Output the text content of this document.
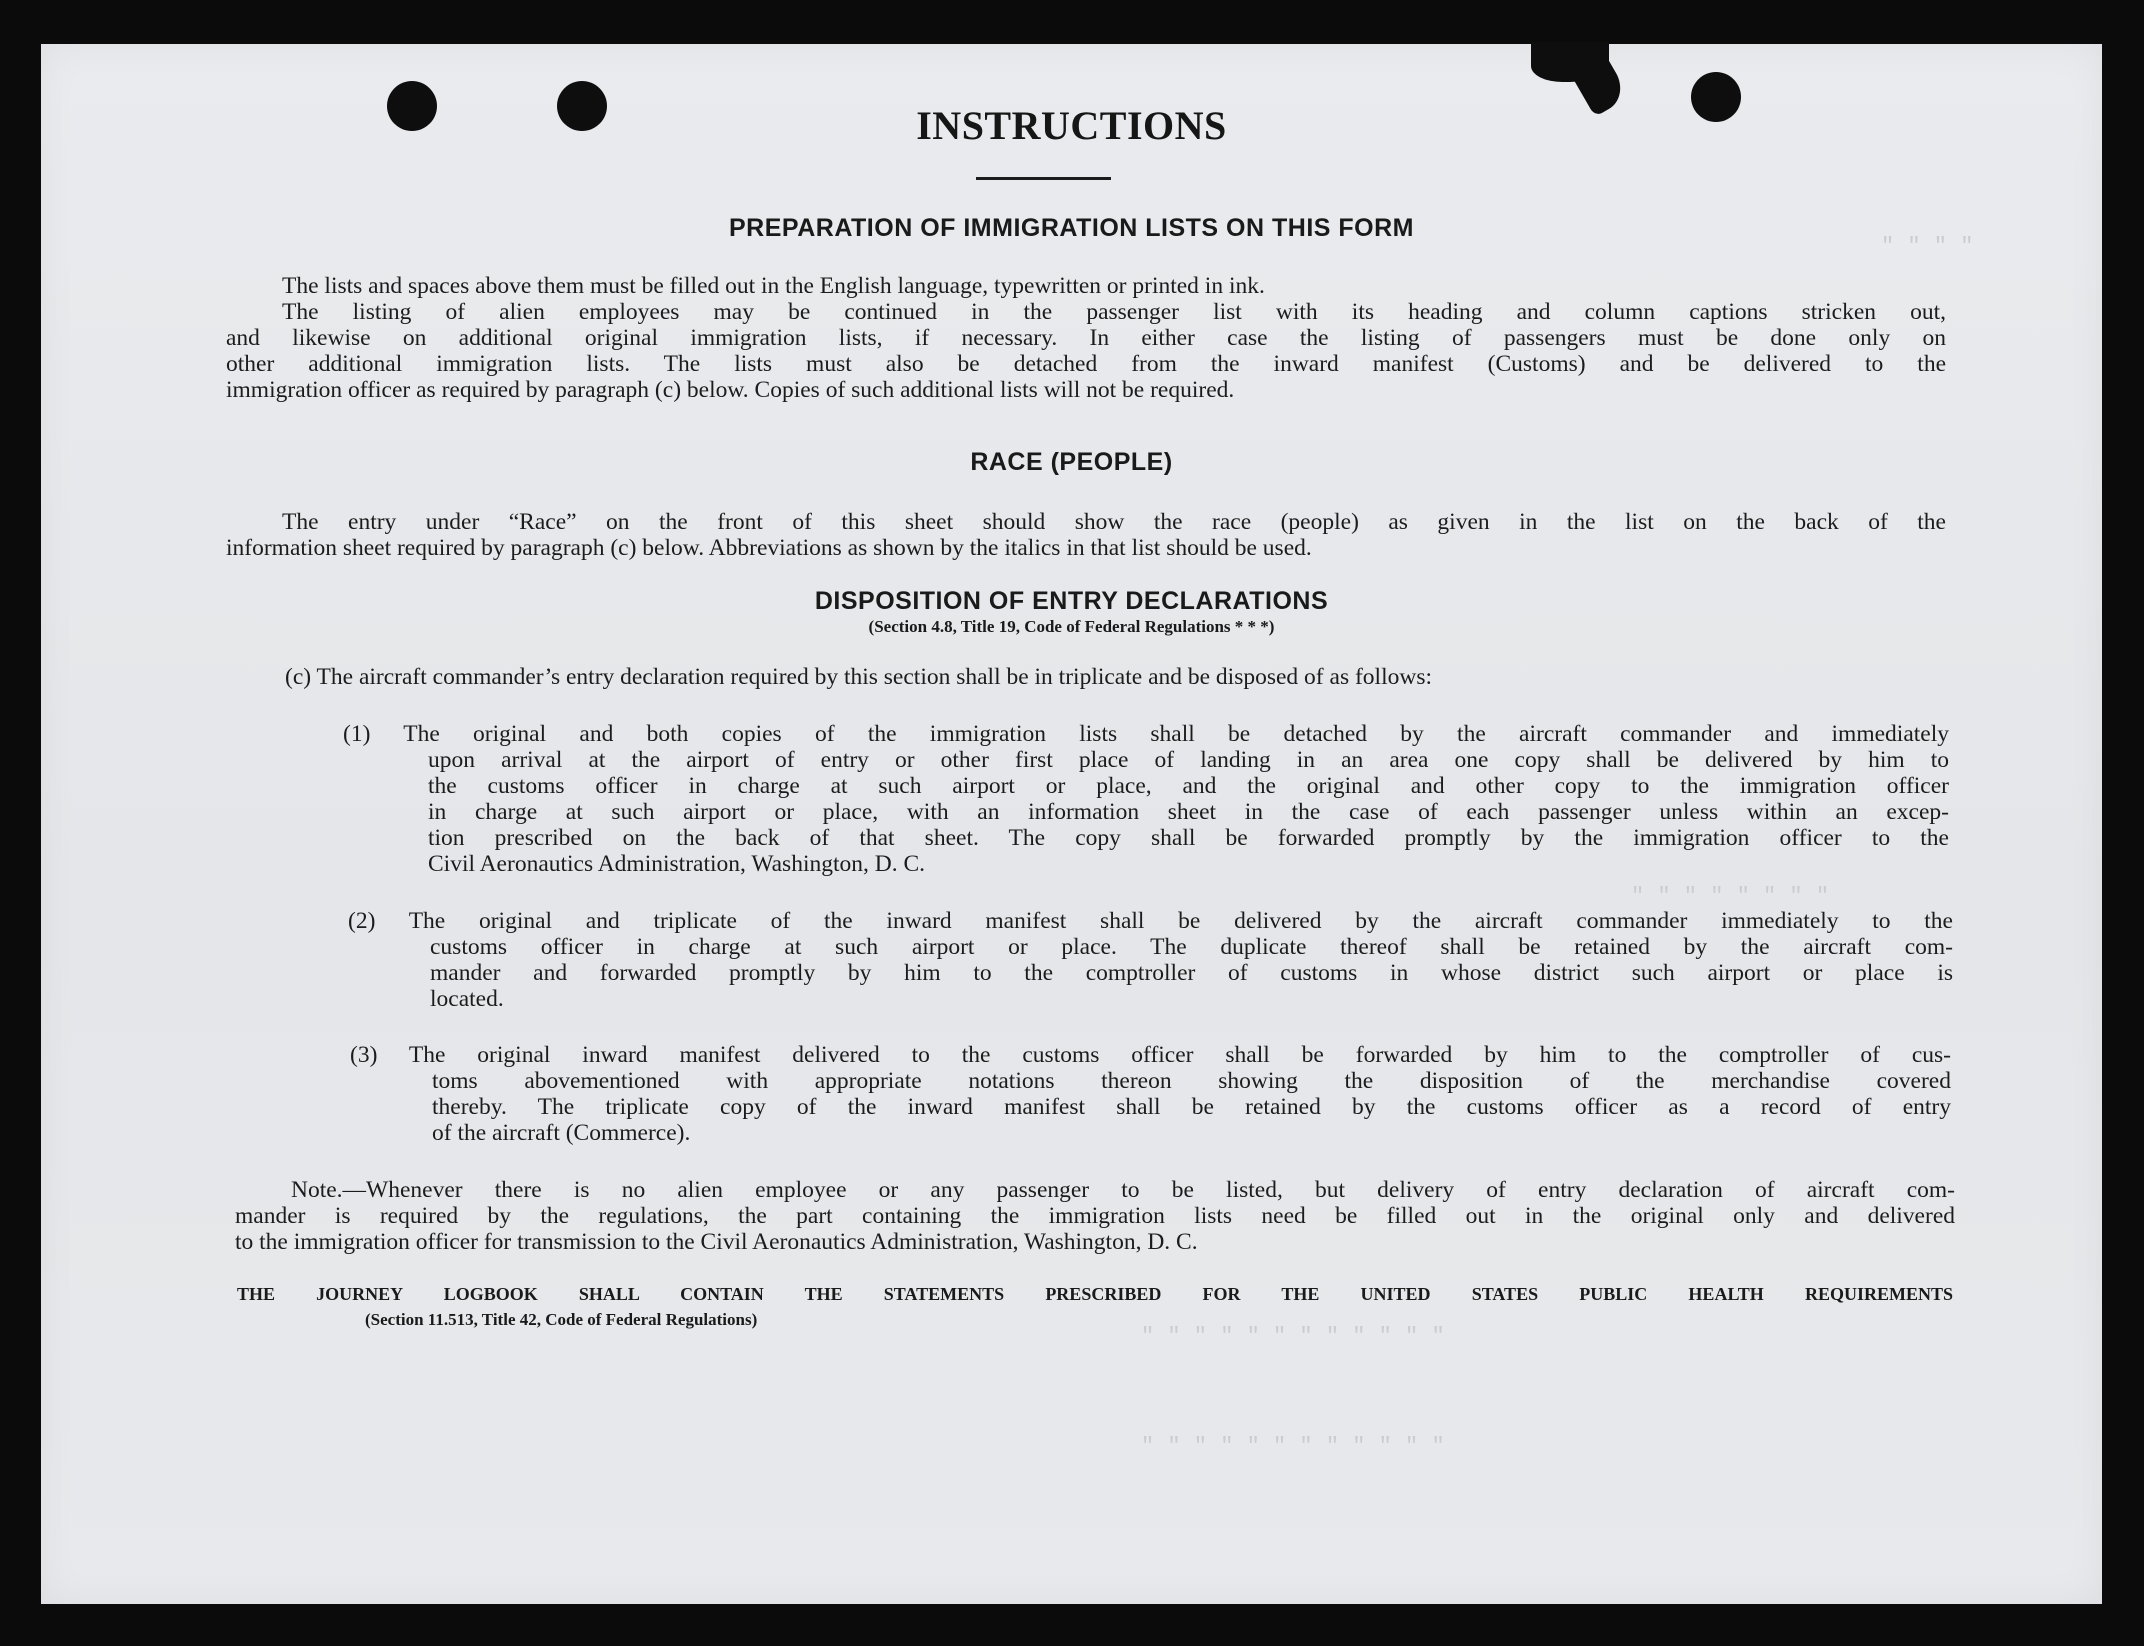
" " " "
" " " " " " " "
" " " " " " " " " " " "
" " " " " " " " " " " "
INSTRUCTIONS
PREPARATION OF IMMIGRATION LISTS ON THIS FORM
The lists and spaces above them must be filled out in the English language, typewritten or printed in ink.
The listing of alien employees may be continued in the passenger list with its heading and column captions stricken out,
and likewise on additional original immigration lists, if necessary. In either case the listing of passengers must be done only on
other additional immigration lists. The lists must also be detached from the inward manifest (Customs) and be delivered to the
immigration officer as required by paragraph (c) below. Copies of such additional lists will not be required.
RACE (PEOPLE)
The entry under “Race” on the front of this sheet should show the race (people) as given in the list on the back of the
information sheet required by paragraph (c) below. Abbreviations as shown by the italics in that list should be used.
DISPOSITION OF ENTRY DECLARATIONS
(Section 4.8, Title 19, Code of Federal Regulations * * *)
(c) The aircraft commander’s entry declaration required by this section shall be in triplicate and be disposed of as follows:
(1) The original and both copies of the immigration lists shall be detached by the aircraft commander and immediately
upon arrival at the airport of entry or other first place of landing in an area one copy shall be delivered by him to
the customs officer in charge at such airport or place, and the original and other copy to the immigration officer
in charge at such airport or place, with an information sheet in the case of each passenger unless within an excep-
tion prescribed on the back of that sheet. The copy shall be forwarded promptly by the immigration officer to the
Civil Aeronautics Administration, Washington, D. C.
(2) The original and triplicate of the inward manifest shall be delivered by the aircraft commander immediately to the
customs officer in charge at such airport or place. The duplicate thereof shall be retained by the aircraft com-
mander and forwarded promptly by him to the comptroller of customs in whose district such airport or place is
located.
(3) The original inward manifest delivered to the customs officer shall be forwarded by him to the comptroller of cus-
toms abovementioned with appropriate notations thereon showing the disposition of the merchandise covered
thereby. The triplicate copy of the inward manifest shall be retained by the customs officer as a record of entry
of the aircraft (Commerce).
Note.—Whenever there is no alien employee or any passenger to be listed, but delivery of entry declaration of aircraft com-
mander is required by the regulations, the part containing the immigration lists need be filled out in the original only and delivered
to the immigration officer for transmission to the Civil Aeronautics Administration, Washington, D. C.
THE JOURNEY LOGBOOK SHALL CONTAIN THE STATEMENTS PRESCRIBED FOR THE UNITED STATES PUBLIC HEALTH REQUIREMENTS
(Section 11.513, Title 42, Code of Federal Regulations)
